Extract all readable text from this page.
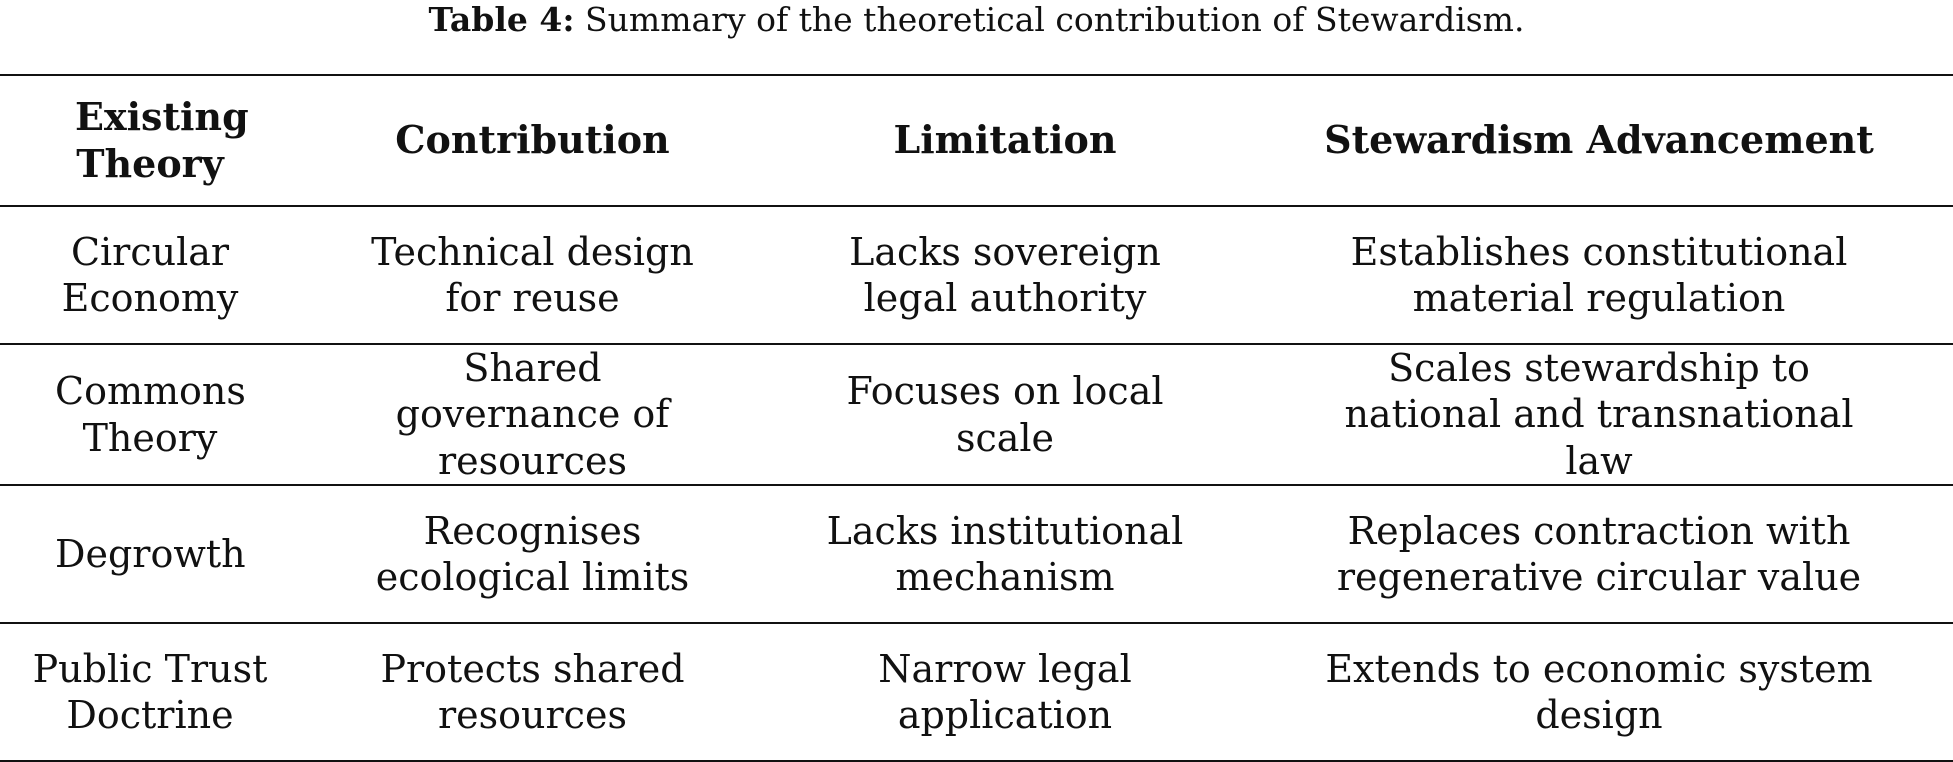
Table 4: Summary of the theoretical contribution of Stewardism.
Existing Theory	Contribution	Limitation	Stewardism Advancement
Circular Economy	Technical design for reuse	Lacks sovereign legal authority	Establishes constitutional material regulation
Commons Theory	Shared governance of resources	Focuses on local scale	Scales stewardship to national and transnational law
Degrowth	Recognises ecological limits	Lacks institutional mechanism	Replaces contraction with regenerative circular value
Public Trust Doctrine	Protects shared resources	Narrow legal application	Extends to economic system design
